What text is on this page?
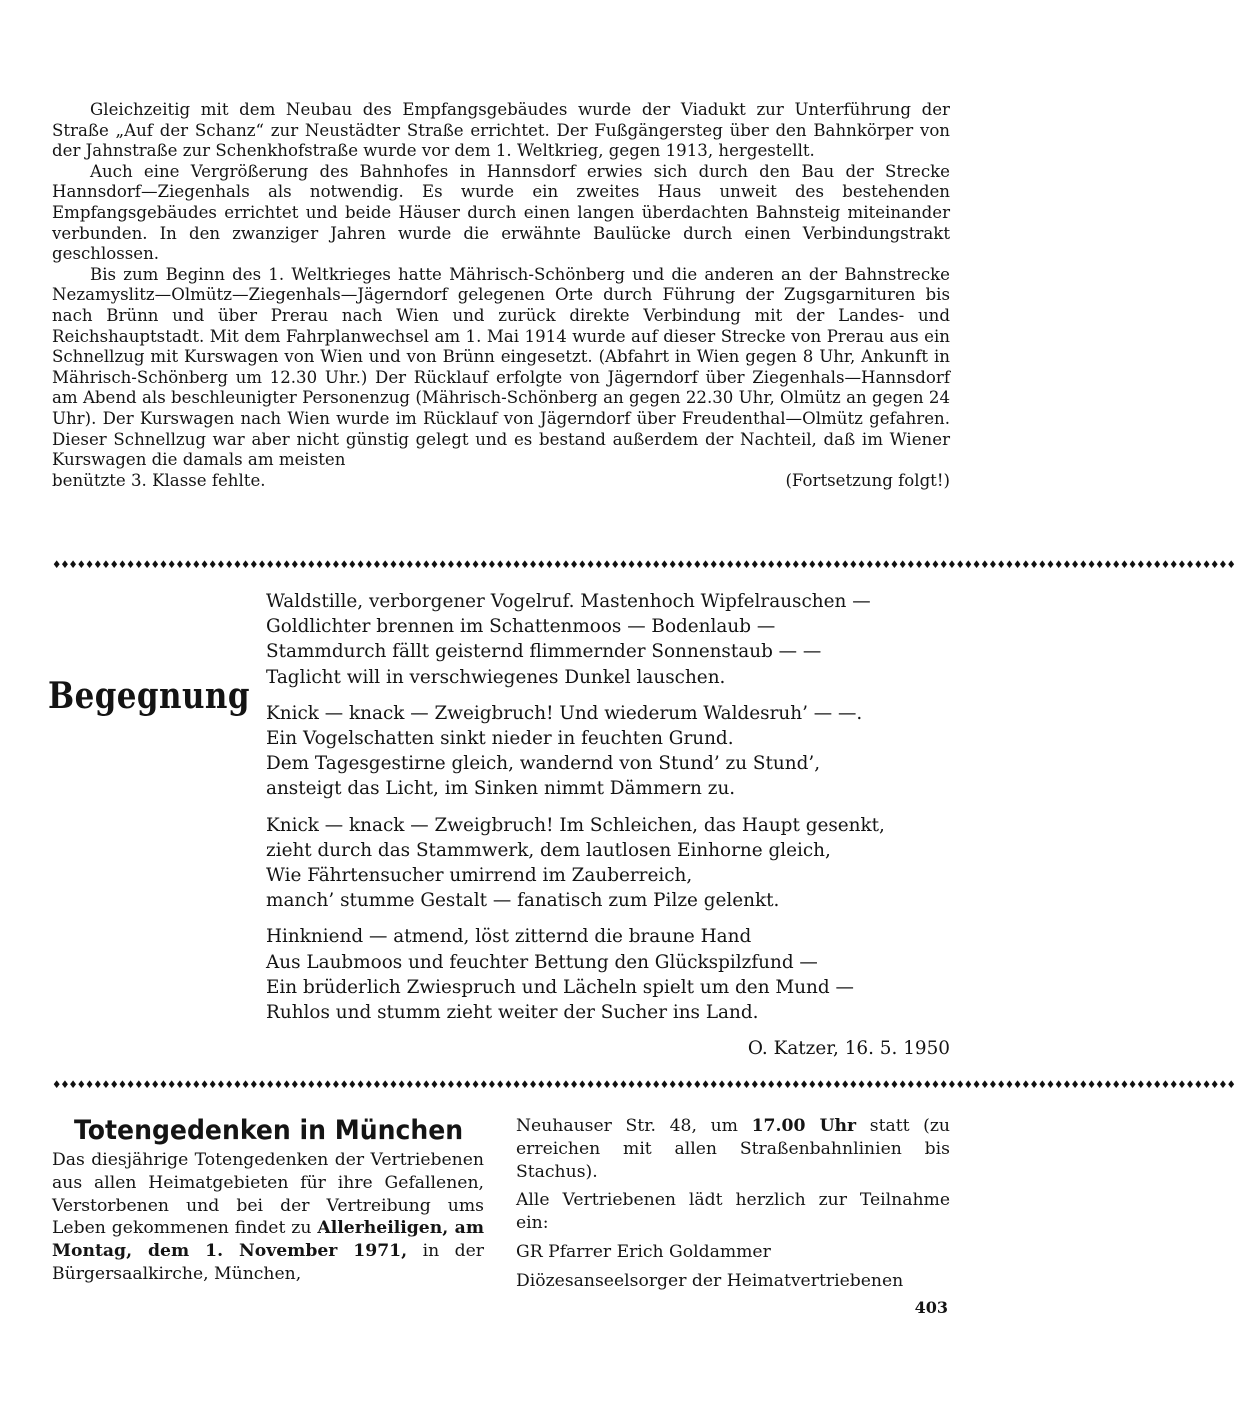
Gleichzeitig mit dem Neubau des Empfangsgebäudes wurde der Viadukt zur Unterführung der Straße „Auf der Schanz“ zur Neustädter Straße errichtet. Der Fußgängersteg über den Bahnkörper von der Jahnstraße zur Schenkhofstraße wurde vor dem 1. Weltkrieg, gegen 1913, hergestellt.

Auch eine Vergrößerung des Bahnhofes in Hannsdorf erwies sich durch den Bau der Strecke Hannsdorf—Ziegenhals als notwendig. Es wurde ein zweites Haus unweit des bestehenden Empfangsgebäudes errichtet und beide Häuser durch einen langen überdachten Bahnsteig miteinander verbunden. In den zwanziger Jahren wurde die erwähnte Baulücke durch einen Verbindungstrakt geschlossen.

Bis zum Beginn des 1. Weltkrieges hatte Mährisch-Schönberg und die anderen an der Bahnstrecke Nezamyslitz—Olmütz—Ziegenhals—Jägerndorf gelegenen Orte durch Führung der Zugsgarnituren bis nach Brünn und über Prerau nach Wien und zurück direkte Verbindung mit der Landes- und Reichshauptstadt. Mit dem Fahrplanwechsel am 1. Mai 1914 wurde auf dieser Strecke von Prerau aus ein Schnellzug mit Kurswagen von Wien und von Brünn eingesetzt. (Abfahrt in Wien gegen 8 Uhr, Ankunft in Mährisch-Schönberg um 12.30 Uhr.) Der Rücklauf erfolgte von Jägerndorf über Ziegenhals—Hannsdorf am Abend als beschleunigter Personenzug (Mährisch-Schönberg an gegen 22.30 Uhr, Olmütz an gegen 24 Uhr). Der Kurswagen nach Wien wurde im Rücklauf von Jägerndorf über Freudenthal—Olmütz gefahren. Dieser Schnellzug war aber nicht günstig gelegt und es bestand außerdem der Nachteil, daß im Wiener Kurswagen die damals am meisten

benützte 3. Klasse fehlte.	(Fortsetzung folgt!)
♦♦♦♦♦♦♦♦♦♦♦♦♦♦♦♦♦♦♦♦♦♦♦♦♦♦♦♦♦♦♦♦♦♦♦♦♦♦♦♦♦♦♦♦♦♦♦♦♦♦♦♦♦♦♦♦♦♦♦♦♦♦♦♦♦♦♦♦♦♦♦♦♦♦♦♦♦♦♦♦♦♦♦♦♦♦♦♦♦♦♦♦♦♦♦♦♦♦♦♦♦♦♦♦♦♦♦♦♦♦♦♦♦♦♦♦♦♦♦♦♦♦♦♦♦♦♦♦♦♦♦♦♦♦♦♦♦♦♦♦♦♦♦♦
Begegnung
Waldstille, verborgener Vogelruf. Mastenhoch Wipfelrauschen —
Goldlichter brennen im Schattenmoos — Bodenlaub —
Stammdurch fällt geisternd flimmernder Sonnenstaub — —
Taglicht will in verschwiegenes Dunkel lauschen.
Knick — knack — Zweigbruch! Und wiederum Waldesruh’ — —.
Ein Vogelschatten sinkt nieder in feuchten Grund.
Dem Tagesgestirne gleich, wandernd von Stund’ zu Stund’,
ansteigt das Licht, im Sinken nimmt Dämmern zu.
Knick — knack — Zweigbruch! Im Schleichen, das Haupt gesenkt,
zieht durch das Stammwerk, dem lautlosen Einhorne gleich,
Wie Fährtensucher umirrend im Zauberreich,
manch’ stumme Gestalt — fanatisch zum Pilze gelenkt.
Hinkniend — atmend, löst zitternd die braune Hand
Aus Laubmoos und feuchter Bettung den Glückspilzfund —
Ein brüderlich Zwiespruch und Lächeln spielt um den Mund —
Ruhlos und stumm zieht weiter der Sucher ins Land.
O. Katzer, 16. 5. 1950
♦♦♦♦♦♦♦♦♦♦♦♦♦♦♦♦♦♦♦♦♦♦♦♦♦♦♦♦♦♦♦♦♦♦♦♦♦♦♦♦♦♦♦♦♦♦♦♦♦♦♦♦♦♦♦♦♦♦♦♦♦♦♦♦♦♦♦♦♦♦♦♦♦♦♦♦♦♦♦♦♦♦♦♦♦♦♦♦♦♦♦♦♦♦♦♦♦♦♦♦♦♦♦♦♦♦♦♦♦♦♦♦♦♦♦♦♦♦♦♦♦♦♦♦♦♦♦♦♦♦♦♦♦♦♦♦♦♦♦♦♦♦♦♦
Totengedenken in München
Das diesjährige Totengedenken der Vertriebenen aus allen Heimatgebieten für ihre Gefallenen, Verstorbenen und bei der Vertreibung ums Leben gekommenen findet zu Allerheiligen, am Montag, dem 1. November 1971, in der Bürgersaalkirche, München,

Neuhauser Str. 48, um 17.00 Uhr statt (zu erreichen mit allen Straßenbahnlinien bis Stachus).

Alle Vertriebenen lädt herzlich zur Teilnahme ein:

GR Pfarrer Erich Goldammer

Diözesanseelsorger der Heimatvertriebenen

403
